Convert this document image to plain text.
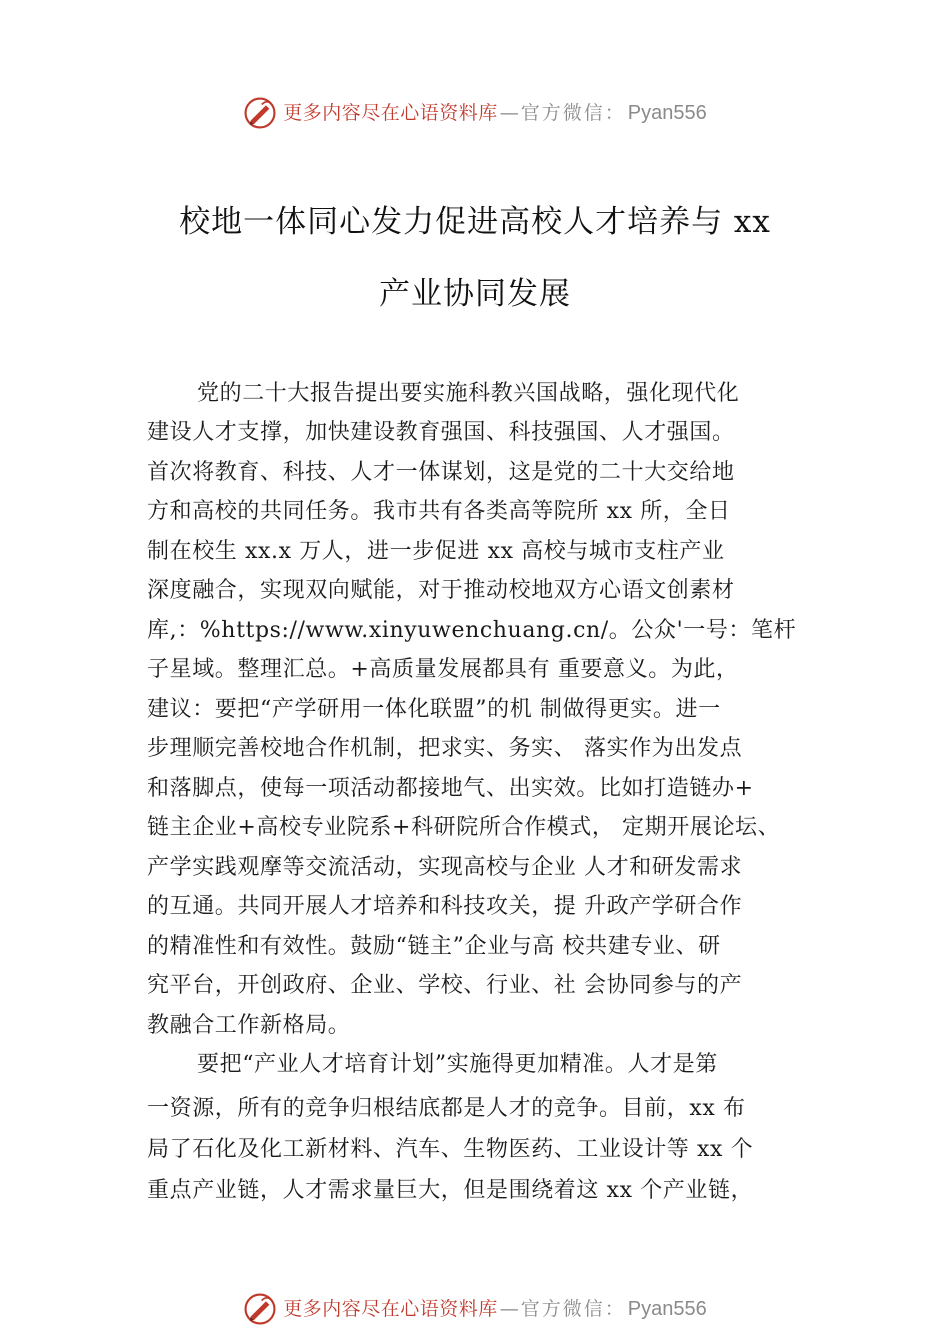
更多内容尽在心语资料库 — 官方微信 ： Pyan556
校地一体同心发力促进高校人才培养与 xx
产业协同发展
党的二十大报告提出要实施科教兴国战略，强化现代化
建设人才支撑，加快建设教育强国、科技强国、人才强国。
首次将教育、科技、人才一体谋划，这是党的二十大交给地
方和高校的共同任务。我市共有各类高等院所 xx 所，全日
制在校生 xx.x 万人，进一步促进 xx 高校与城市支柱产业
深度融合，实现双向赋能，对于推动校地双方心语文创素材
库,：%https://www.xinyuwenchuang.cn/。公众'一号：笔杆
子星域。整理汇总。+高质量发展都具有 重要意义。为此，
建议：要把“产学研用一体化联盟”的机 制做得更实。进一
步理顺完善校地合作机制，把求实、务实、 落实作为出发点
和落脚点，使每一项活动都接地气、出实效。比如打造链办+
链主企业+高校专业院系+科研院所合作模式， 定期开展论坛、
产学实践观摩等交流活动，实现高校与企业 人才和研发需求
的互通。共同开展人才培养和科技攻关，提 升政产学研合作
的精准性和有效性。鼓励“链主”企业与高 校共建专业、研
究平台，开创政府、企业、学校、行业、社 会协同参与的产
教融合工作新格局。
要把“产业人才培育计划”实施得更加精准。人才是第
一资源，所有的竞争归根结底都是人才的竞争。目前，xx 布
局了石化及化工新材料、汽车、生物医药、工业设计等 xx 个
重点产业链，人才需求量巨大，但是围绕着这 xx 个产业链，
更多内容尽在心语资料库 — 官方微信 ： Pyan556
